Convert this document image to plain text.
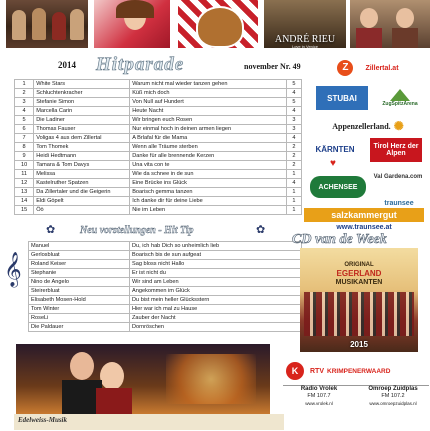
ANDRÉ RIEU
Love in Venice
2014 Hitparade	november Nr. 49
1	White Stars	Warum nicht mal wieder tanzen gehen	5
2	Schluchtenkracher	Küß mich doch	4
3	Stefanie Simon	Von Null auf Hundert	5
4	Marcella Carin	Heute Nacht	4
5	Die Ladiner	Wir bringen euch Rosen	3
6	Thomas Fauser	Nur einmal hoch in deinen armen liegen	3
7	Voligas 4 aus dem Zillertal	A Brlafal für die Mama	4
8	Tom Thomek	Wenn alle Träume sterben	2
9	Heidi Hedtmann	Danke für alle brennende Kerzen	2
10	Tamara & Tom Davys	Una vita con te	2
11	Melissa	Wie da schnee in de sun	1
12	Kastelruther Spatzen	Eine Brücke ins Glück	4
13	Da Zillertaler und die Geigerin	Boarisch gemma tanzen	1
14	Eldi Göpelt	Ich danke dir für deine Liebe	1
15	Öö	Nie im Leben	1
𝄞
✿	✿
Neu vorstellungen - Hit Tip
Manuel	Du, ich hab Dich so unheimlich lieb
Gerlosbluat	Boarisch bis de sun aufgeat
Roland Keiser	Sag bloss nicht Hallo
Stephanie	Er ist nicht du
Nino de Angelo	Wir sind am Leben
Steirerbluat	Angekommen im Glück
Elisabeth Mosen-Hold	Du bist mein heller Glücksstern
Tom Winter	Hier war ich mal zu Hause
RoseLi	Zauber der Nacht
Die Paldauer	Dornröschen
Edelweiss-Musik
Z	Zillertal.at
STUBAI
ZugSpitzArena
Appenzellerland. ✺
KÄRNTEN
♥
Tirol Herz der Alpen
ACHENSEE
Val Gardena.com
traunsee
salzkammergut
www.traunsee.at
CD van de Week
ORIGINAL
EGERLAND
MUSIKANTEN
2015
K	RTV KRIMPENERWAARD
Radio Vrolek
FM 107.7
www.vrolek.nl
Omroep Zuidplas
FM 107.2
www.omroepzuidplas.nl
